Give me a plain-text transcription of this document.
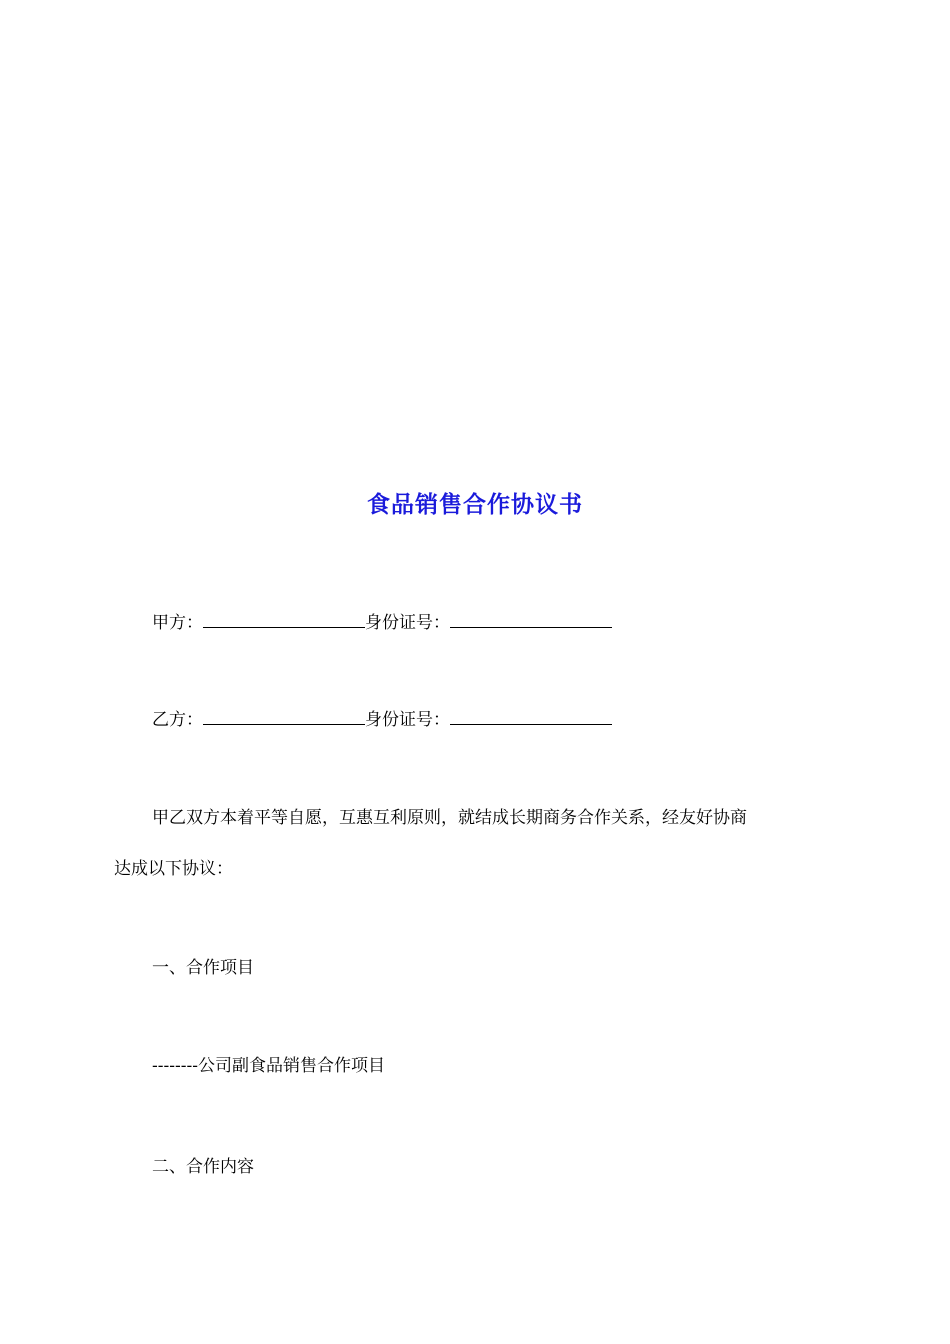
食品销售合作协议书
甲方：	身份证号：
乙方：	身份证号：
甲乙双方本着平等自愿，互惠互利原则，就结成长期商务合作关系，经友好协商
达成以下协议：
一、合作项目
--------公司副食品销售合作项目
二、合作内容
